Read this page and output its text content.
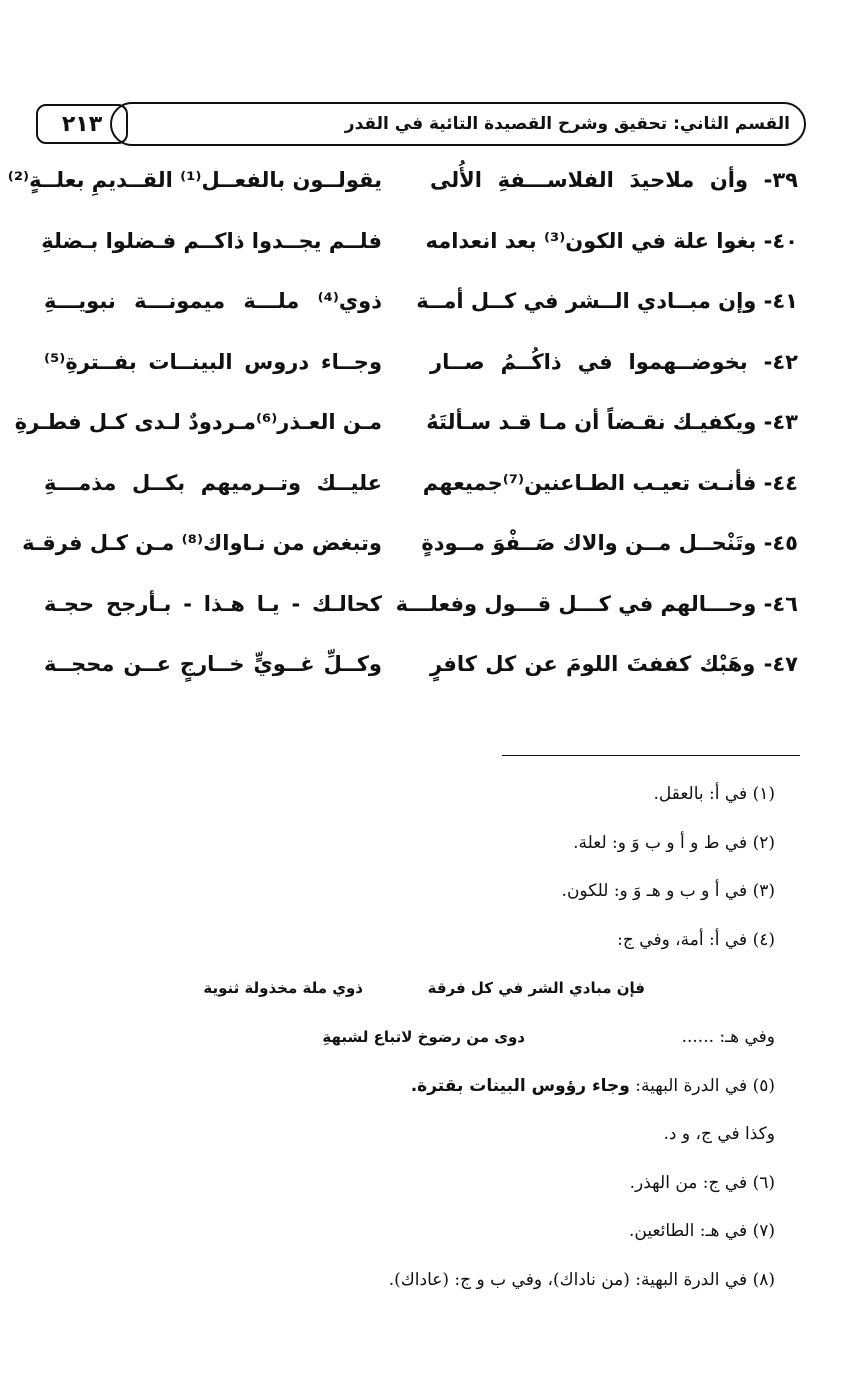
٢١٣	القسم الثاني: تحقيق وشرح القصيدة التائية في القدر
٣٩- وأن ملاحيدَ الفلاســـفةِ الأُلى
يقولــون بالفعــل⁽¹⁾ القــديمِ بعلــةٍ⁽²⁾
٤٠- بغوا علة في الكون⁽³⁾ بعد انعدامه
فلــم يجــدوا ذاكــم فـضلوا بـضلةِ
٤١- وإن مبــادي الــشر في كــل أمــة
ذوي⁽⁴⁾ ملـــة ميمونـــة نبويـــةِ
٤٢- بخوضــهموا في ذاكُــمُ صــار
وجــاء دروس البينــات بفــترةِ⁽⁵⁾
٤٣- ويكفيـك نقـضاً أن مـا قـد سـألتَهُ
مـن العـذر⁽⁶⁾مـردودٌ لـدى كـل فطـرةِ
٤٤- فأنـت تعيـب الطـاعنين⁽⁷⁾جميعهم
عليــك وتــرميهم بكــل مذمـــةِ
٤٥- وتَنْحــل مــن والاك صَــفْوَ مــودةٍ
وتبغض من نـاواك⁽⁸⁾ مـن كـل فرقـة
٤٦- وحـــالهم في كـــل قـــول وفعلـــة
كحالـك - يـا هـذا - بـأرجح حجـة
٤٧- وهَبْك كففتَ اللومَ عن كل كافرٍ
وكــلِّ غــويٍّ خــارجٍ عــن محجــة
(١) في أ: بالعقل.
(٢) في ط و أ و ب وَ و: لعلة.
(٣) في أ و ب و هـ وَ و: للكون.
(٤) في أ: أمة، وفي ج:
فإن مبادي الشر في كل فرقة
ذوي ملة مخذولة ثنوية
وفي هـ: ......
دوى من رضوخ لاتباع لشبهةِ
(٥) في الدرة البهية: وجاء رؤوس البينات بقترة.
وكذا في ج، و د.
(٦) في ج: من الهذر.
(٧) في هـ: الطائعين.
(٨) في الدرة البهية: (من ناداك)، وفي ب و ج: (عاداك).
